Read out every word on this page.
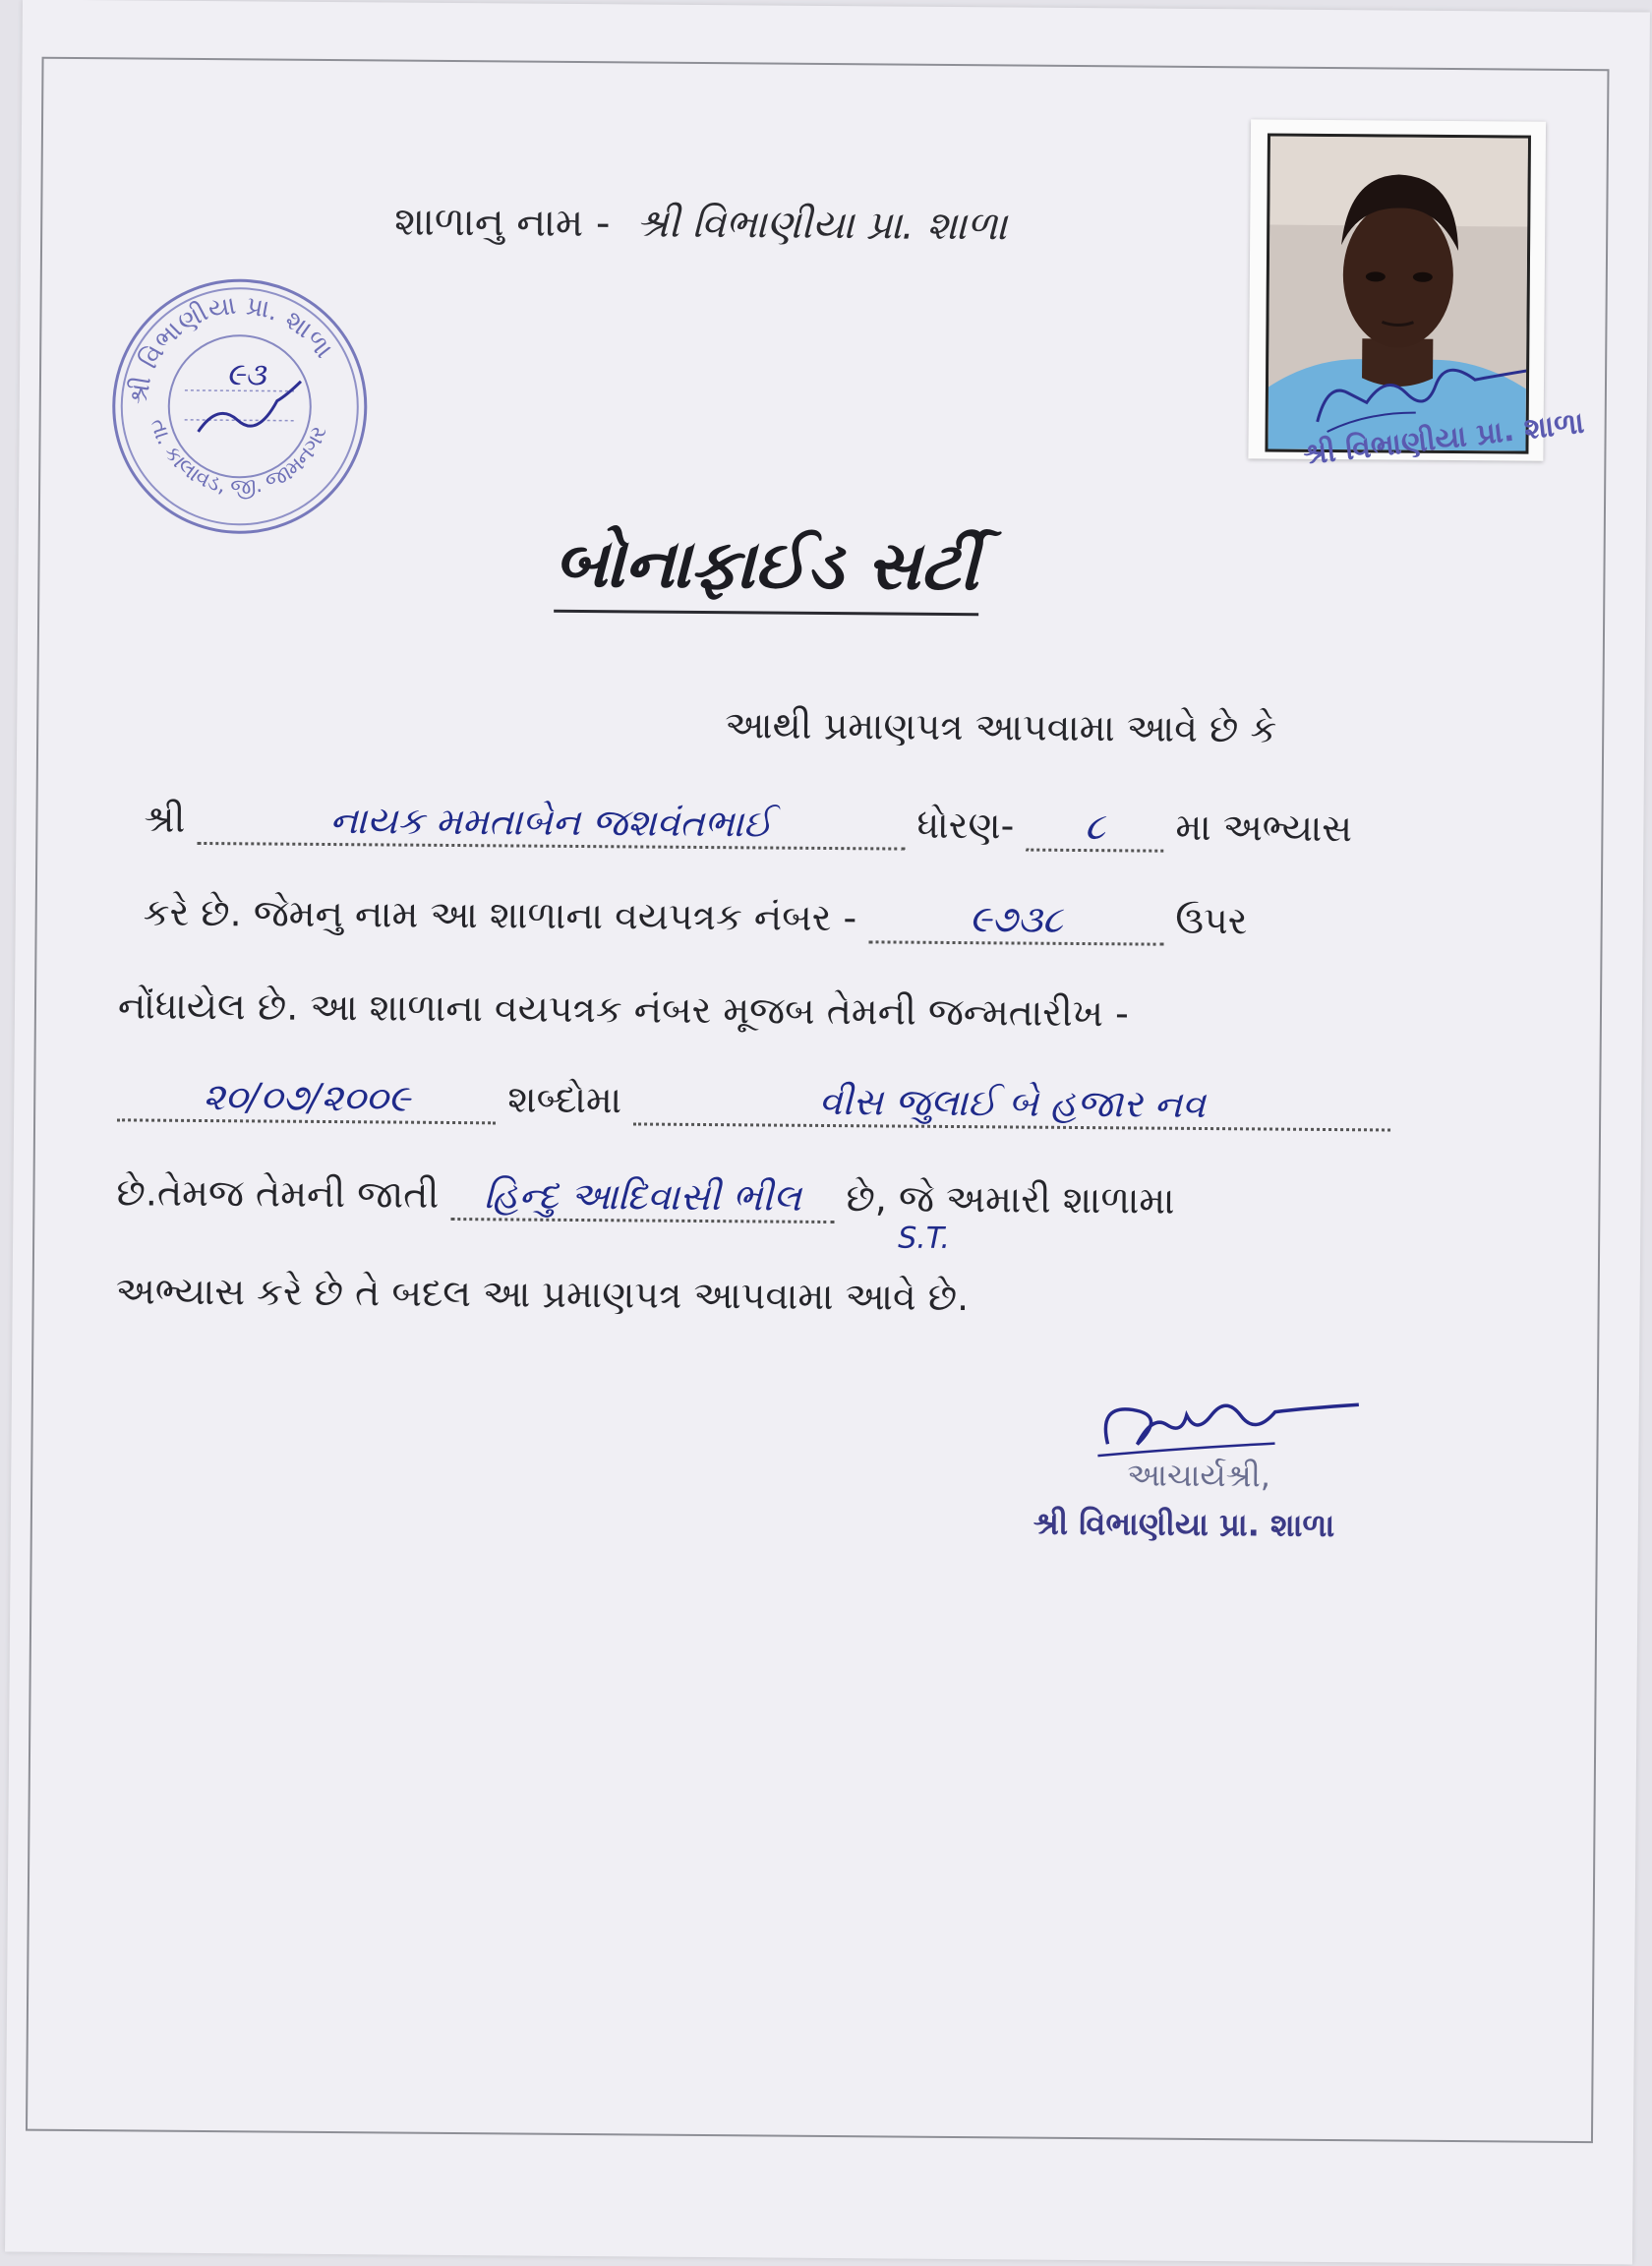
શાળાનુ નામ - શ્રી વિભાણીયા પ્રા. શાળા
શ્રી વિભાણીયા પ્રા. શાળા
તા. કાલાવડ, જી. જામનગર
૯૩
શ્રી વિભાણીયા પ્રા. શાળા
બોનાફાઈડ સર્ટી
આથી પ્રમાણપત્ર આપવામા આવે છે કે
શ્રી	નાયક મમતાબેન જશવંતભાઈ	ધોરણ- ૮ મા અભ્યાસ
કરે છે. જેમનુ નામ આ શાળાના વયપત્રક નંબર -	૯૭૩૮	ઉપર
નોંધાયેલ છે. આ શાળાના વયપત્રક નંબર મૂજબ તેમની જન્મતારીખ -
૨૦/૦૭/૨૦૦૯	શબ્દોમા	વીસ જુલાઈ બે હજાર નવ
છે.તેમજ તેમની જાતી હિન્દુ આદિવાસી ભીલ છે, જે અમારી શાળામા
S.T.
અભ્યાસ કરે છે તે બદલ આ પ્રમાણપત્ર આપવામા આવે છે.
આચાર્યશ્રી,
શ્રી વિભાણીયા પ્રા. શાળા
